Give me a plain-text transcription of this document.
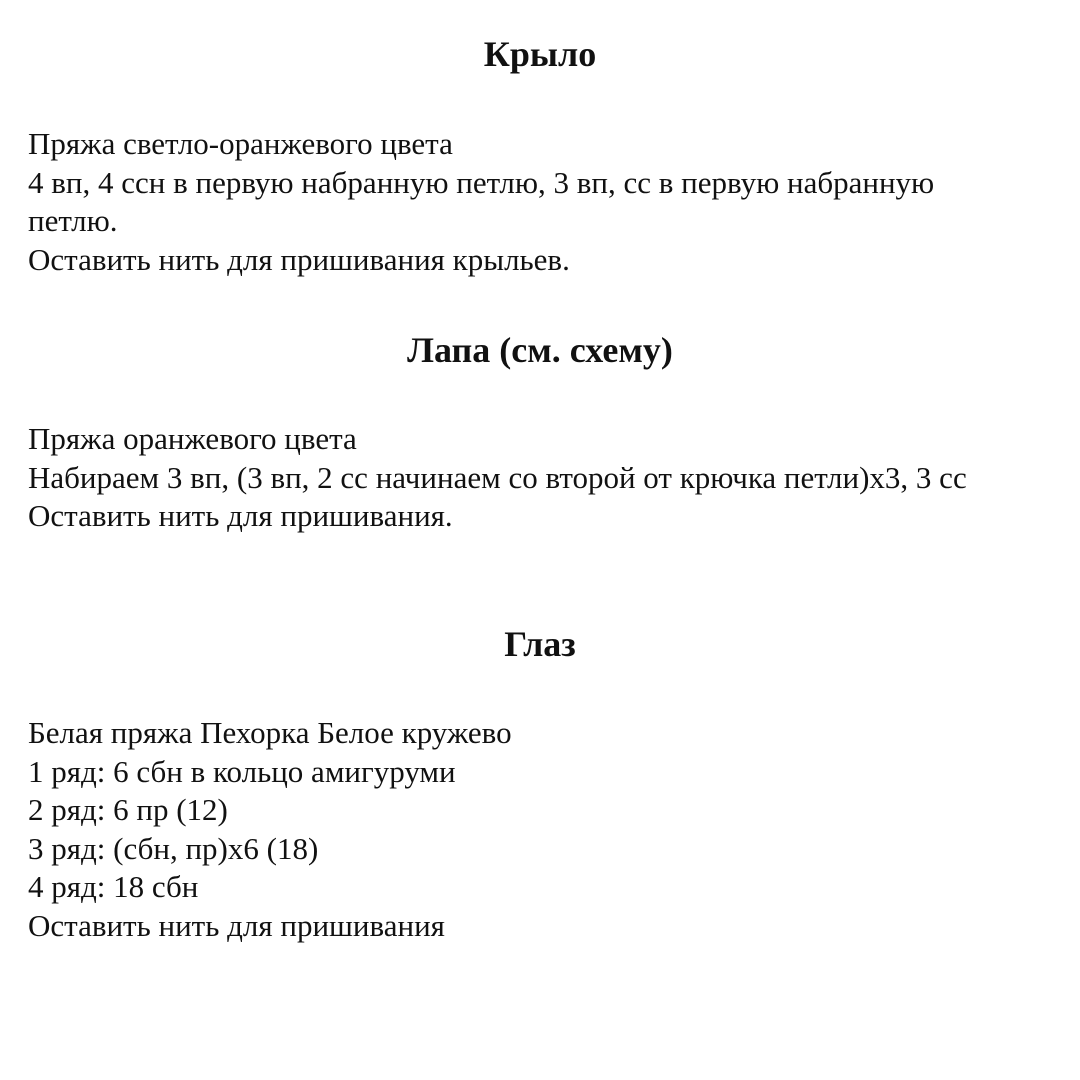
Крыло
Пряжа светло-оранжевого цвета
4 вп, 4 ссн в первую набранную петлю, 3 вп, сс в первую набранную
петлю.
Оставить нить для пришивания крыльев.
Лапа (см. схему)
Пряжа оранжевого цвета
Набираем 3 вп, (3 вп, 2 сс начинаем со второй от крючка петли)х3, 3 сс
Оставить нить для пришивания.
Глаз
Белая пряжа Пехорка Белое кружево
1 ряд: 6 сбн в кольцо амигуруми
2 ряд: 6 пр (12)
3 ряд: (сбн, пр)х6 (18)
4 ряд: 18 сбн
Оставить нить для пришивания
